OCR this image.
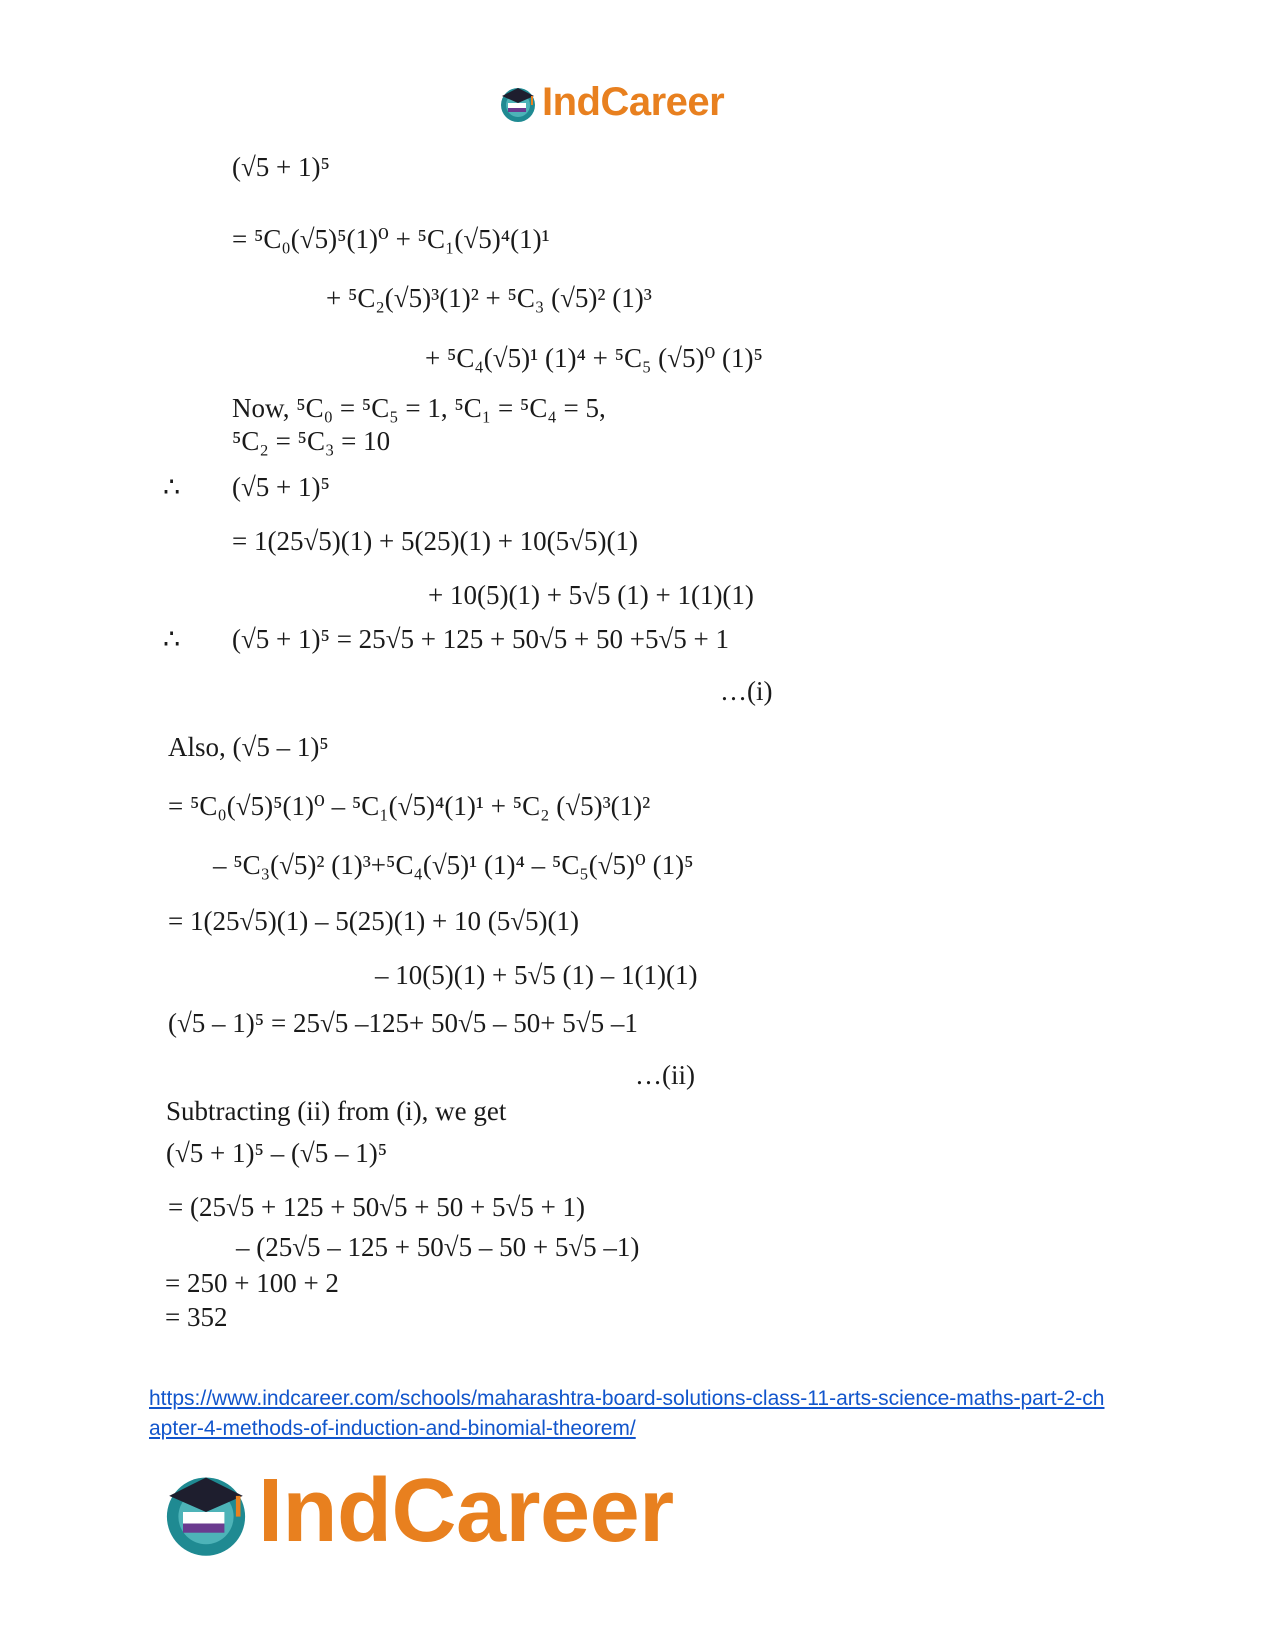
IndCareer
(√5 + 1)⁵
= ⁵C₀(√5)⁵(1)⁰ + ⁵C₁(√5)⁴(1)¹
+ ⁵C₂(√5)³(1)² + ⁵C₃ (√5)² (1)³
+ ⁵C₄(√5)¹ (1)⁴ + ⁵C₅ (√5)⁰ (1)⁵
Now, ⁵C₀ = ⁵C₅ = 1, ⁵C₁ = ⁵C₄ = 5,
⁵C₂ = ⁵C₃ = 10
∴ (√5 + 1)⁵
= 1(25√5)(1) + 5(25)(1) + 10(5√5)(1)
+ 10(5)(1) + 5√5 (1) + 1(1)(1)
∴ (√5 + 1)⁵ = 25√5 + 125 + 50√5 + 50 +5√5 + 1
…(i)
Also, (√5 – 1)⁵
= ⁵C₀(√5)⁵(1)⁰ – ⁵C₁(√5)⁴(1)¹ + ⁵C₂ (√5)³(1)²
– ⁵C₃(√5)² (1)³+⁵C₄(√5)¹ (1)⁴ – ⁵C₅(√5)⁰ (1)⁵
= 1(25√5)(1) – 5(25)(1) + 10 (5√5)(1)
– 10(5)(1) + 5√5 (1) – 1(1)(1)
(√5 – 1)⁵ = 25√5 –125+ 50√5 – 50+ 5√5 –1
…(ii)
Subtracting (ii) from (i), we get
(√5 + 1)⁵ – (√5 – 1)⁵
= (25√5 + 125 + 50√5 + 50 + 5√5 + 1)
– (25√5 – 125 + 50√5 – 50 + 5√5 –1)
= 250 + 100 + 2
= 352
https://www.indcareer.com/schools/maharashtra-board-solutions-class-11-arts-science-maths-part-2-chapter-4-methods-of-induction-and-binomial-theorem/
IndCareer
